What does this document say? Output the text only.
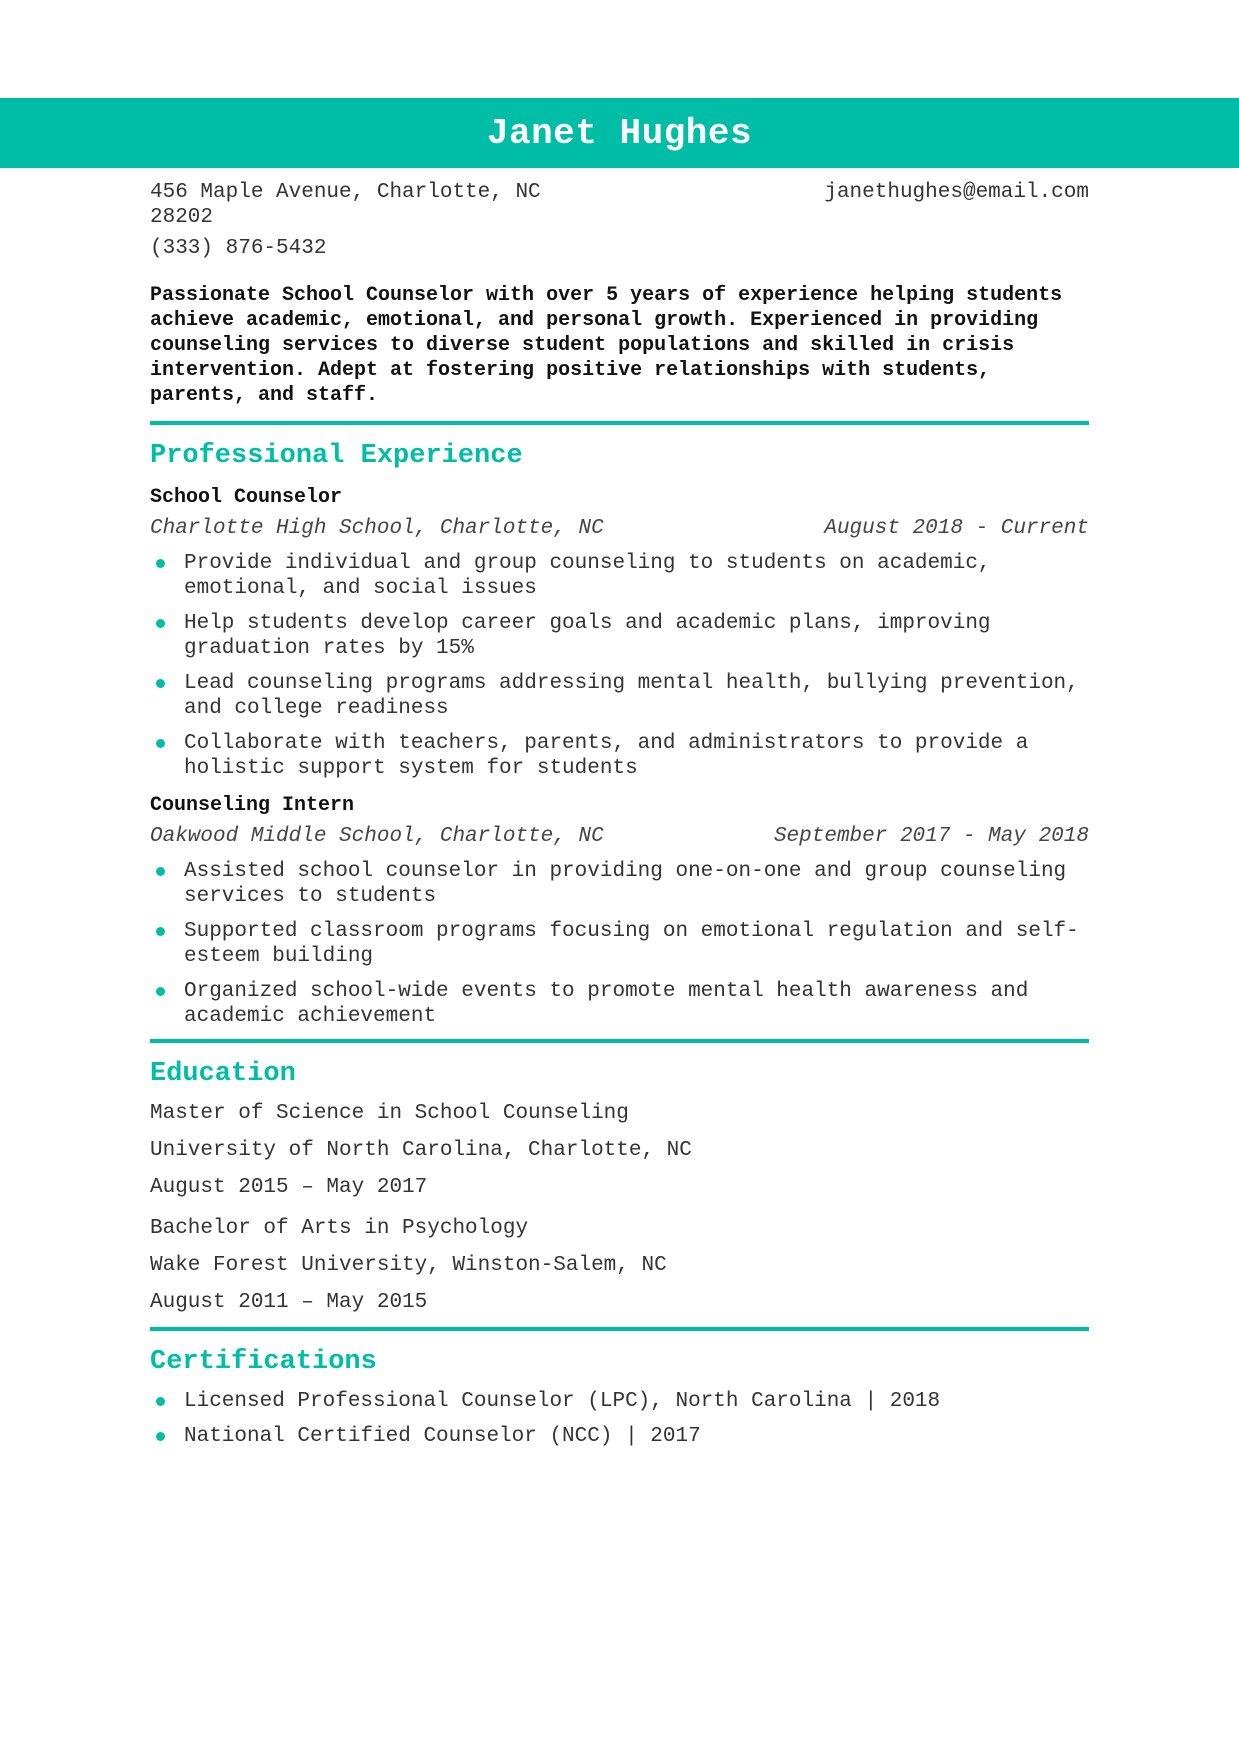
Janet Hughes
456 Maple Avenue, Charlotte, NC 28202
(333) 876-5432
janethughes@email.com
Passionate School Counselor with over 5 years of experience helping students achieve academic, emotional, and personal growth. Experienced in providing counseling services to diverse student populations and skilled in crisis intervention. Adept at fostering positive relationships with students, parents, and staff.
Professional Experience
School Counselor
Charlotte High School, Charlotte, NC	August 2018 - Current
Provide individual and group counseling to students on academic, emotional, and social issues
Help students develop career goals and academic plans, improving graduation rates by 15%
Lead counseling programs addressing mental health, bullying prevention, and college readiness
Collaborate with teachers, parents, and administrators to provide a holistic support system for students
Counseling Intern
Oakwood Middle School, Charlotte, NC	September 2017 - May 2018
Assisted school counselor in providing one-on-one and group counseling services to students
Supported classroom programs focusing on emotional regulation and self-esteem building
Organized school-wide events to promote mental health awareness and academic achievement
Education
Master of Science in School Counseling
University of North Carolina, Charlotte, NC
August 2015 – May 2017
Bachelor of Arts in Psychology
Wake Forest University, Winston-Salem, NC
August 2011 – May 2015
Certifications
Licensed Professional Counselor (LPC), North Carolina | 2018
National Certified Counselor (NCC) | 2017
